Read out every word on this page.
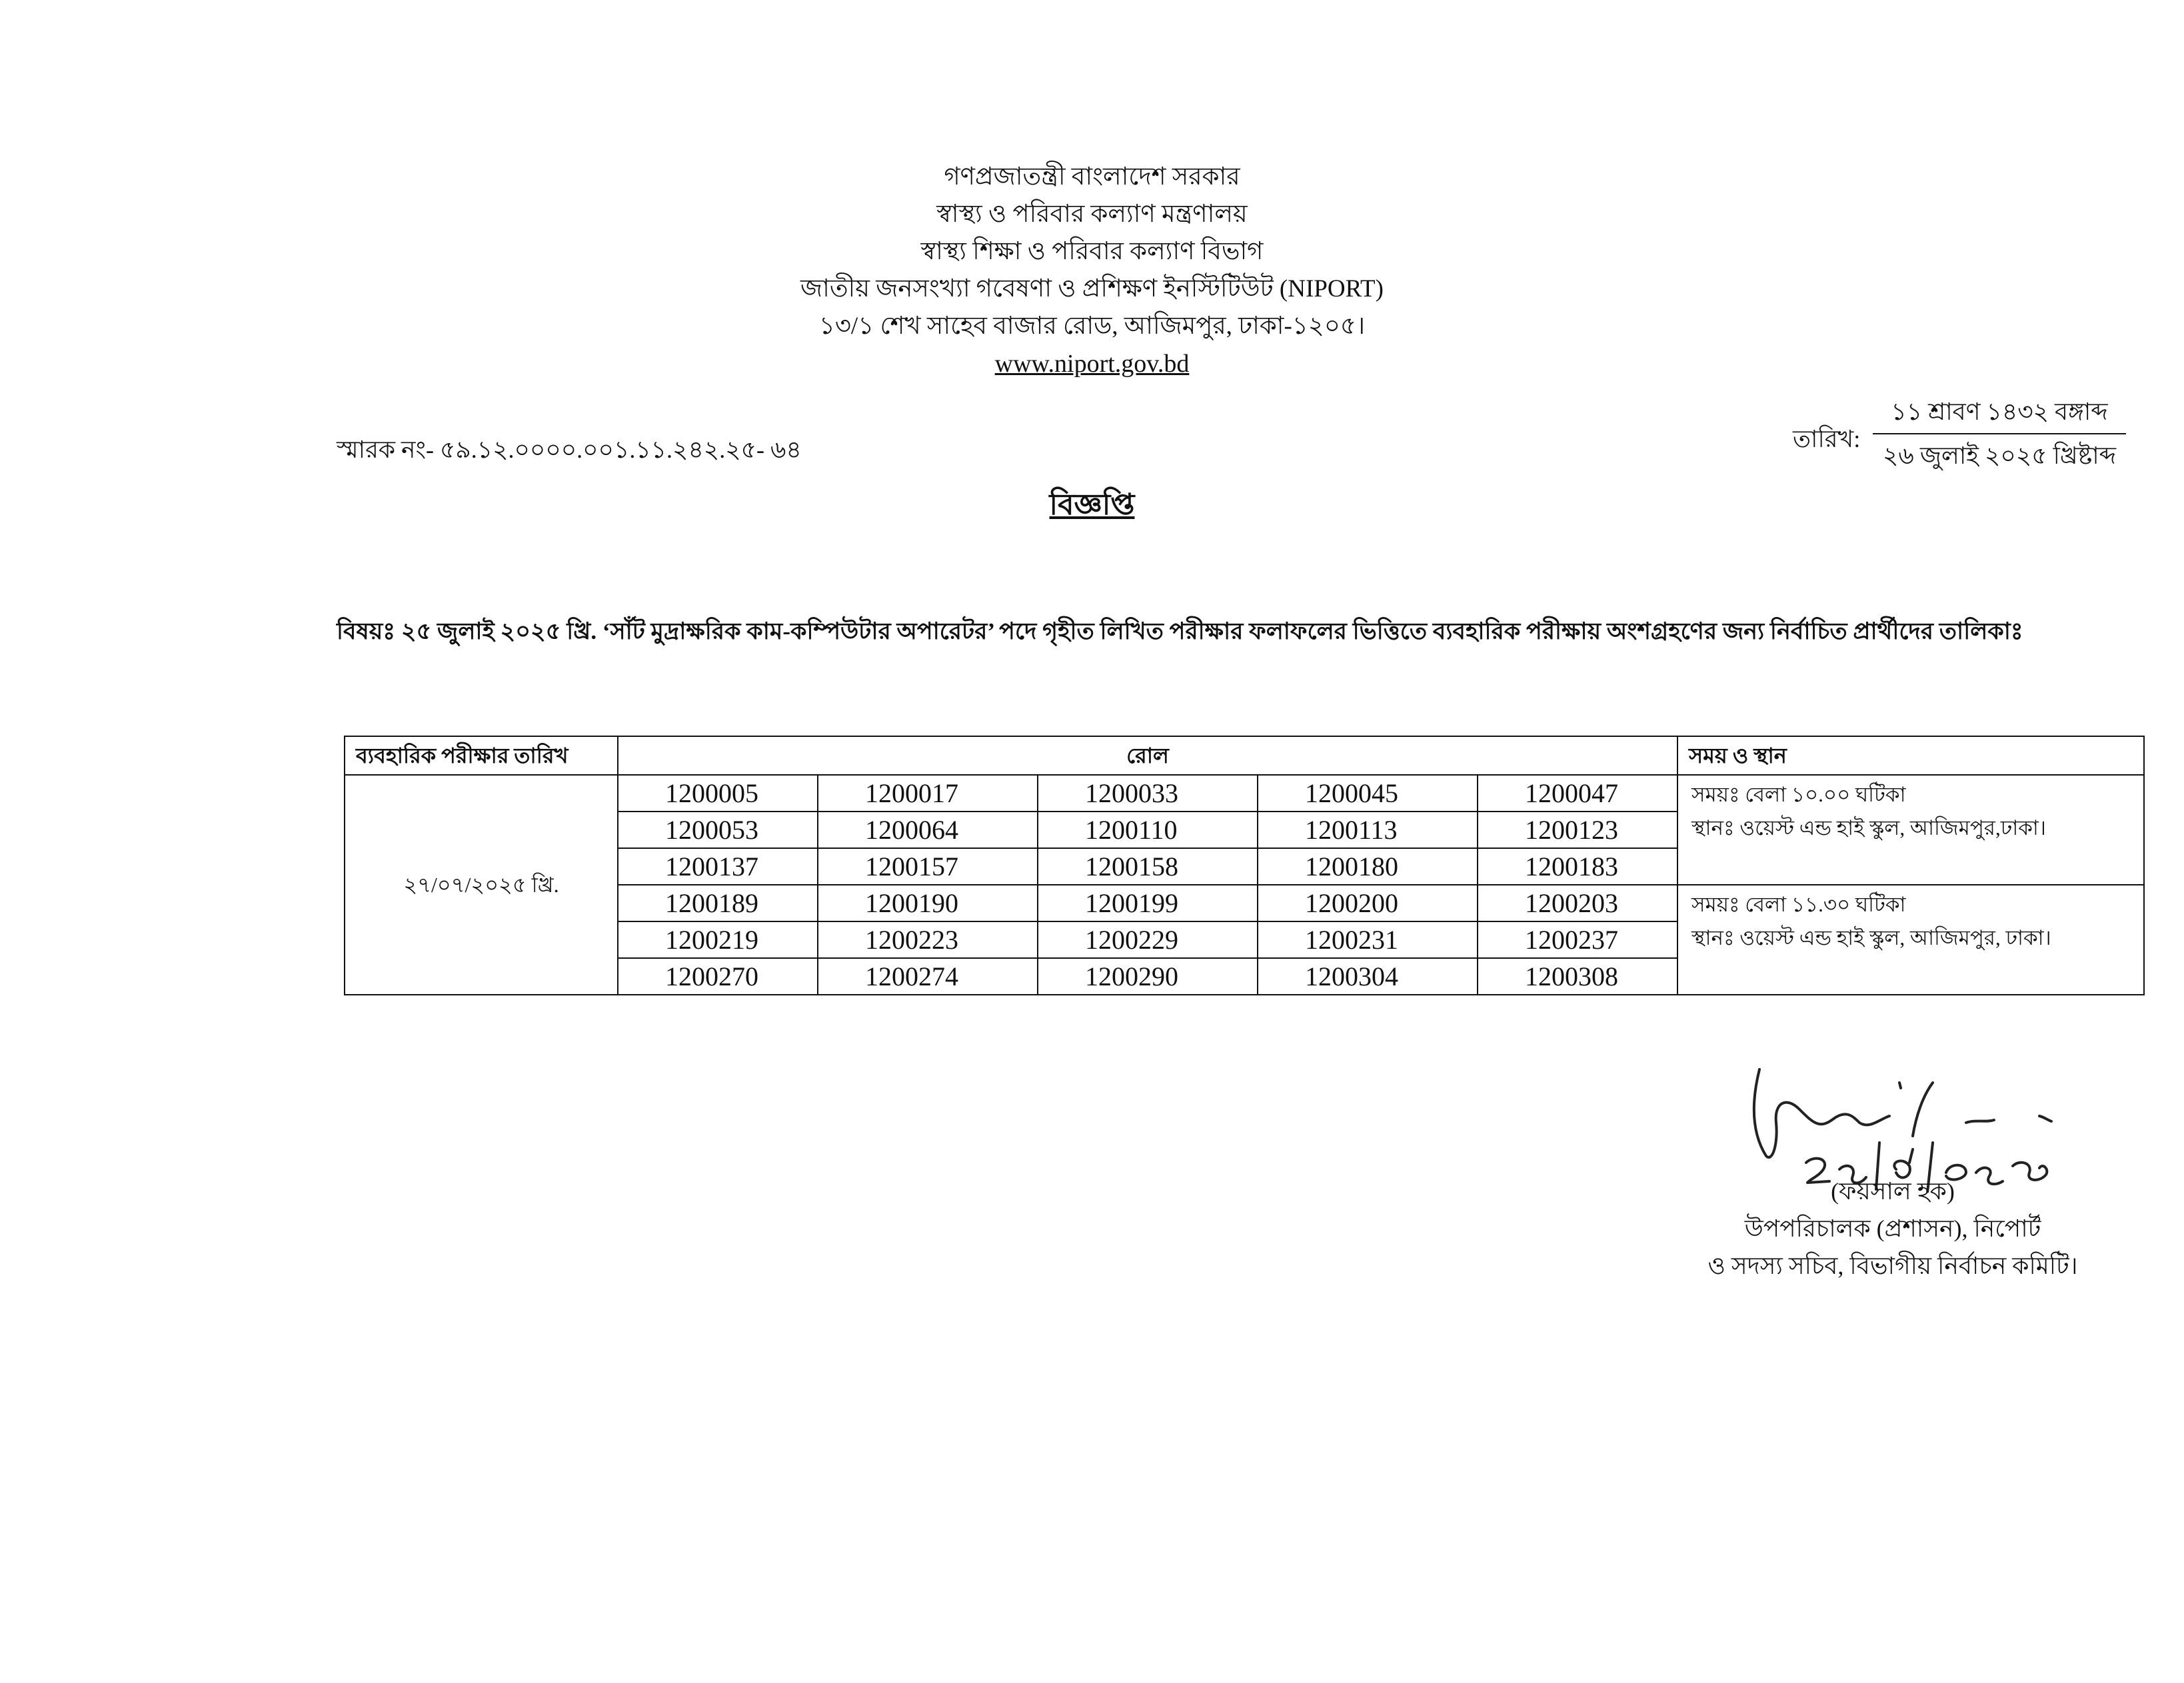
গণপ্রজাতন্ত্রী বাংলাদেশ সরকার
স্বাস্থ্য ও পরিবার কল্যাণ মন্ত্রণালয়
স্বাস্থ্য শিক্ষা ও পরিবার কল্যাণ বিভাগ
জাতীয় জনসংখ্যা গবেষণা ও প্রশিক্ষণ ইনস্টিটিউট (NIPORT)
১৩/১ শেখ সাহেব বাজার রোড, আজিমপুর, ঢাকা-১২০৫।
www.niport.gov.bd
স্মারক নং- ৫৯.১২.০০০০.০০১.১১.২৪২.২৫- ৬৪	তারিখ:
১১ শ্রাবণ ১৪৩২ বঙ্গাব্দ
২৬ জুলাই ২০২৫ খ্রিষ্টাব্দ
বিজ্ঞপ্তি
বিষয়ঃ ২৫ জুলাই ২০২৫ খ্রি. ‘সাঁট মুদ্রাক্ষরিক কাম-কম্পিউটার অপারেটর’ পদে গৃহীত লিখিত পরীক্ষার ফলাফলের ভিত্তিতে ব্যবহারিক পরীক্ষায় অংশগ্রহণের জন্য নির্বাচিত প্রার্থীদের তালিকাঃ
ব্যবহারিক পরীক্ষার তারিখ	রোল					সময় ও স্থান
২৭/০৭/২০২৫ খ্রি.	1200005	1200017	1200033	1200045	1200047	সময়ঃ বেলা ১০.০০ ঘটিকা
স্থানঃ ওয়েস্ট এন্ড হাই স্কুল, আজিমপুর,ঢাকা।

	1200053	1200064	1200110	1200113	1200123	
	1200137	1200157	1200158	1200180	1200183	
	1200189	1200190	1200199	1200200	1200203	সময়ঃ বেলা ১১.৩০ ঘটিকা
স্থানঃ ওয়েস্ট এন্ড হাই স্কুল, আজিমপুর, ঢাকা।

	1200219	1200223	1200229	1200231	1200237	
	1200270	1200274	1200290	1200304	1200308	
(ফয়সাল হক)
উপপরিচালক (প্রশাসন), নিপোর্ট
ও সদস্য সচিব, বিভাগীয় নির্বাচন কমিটি।
